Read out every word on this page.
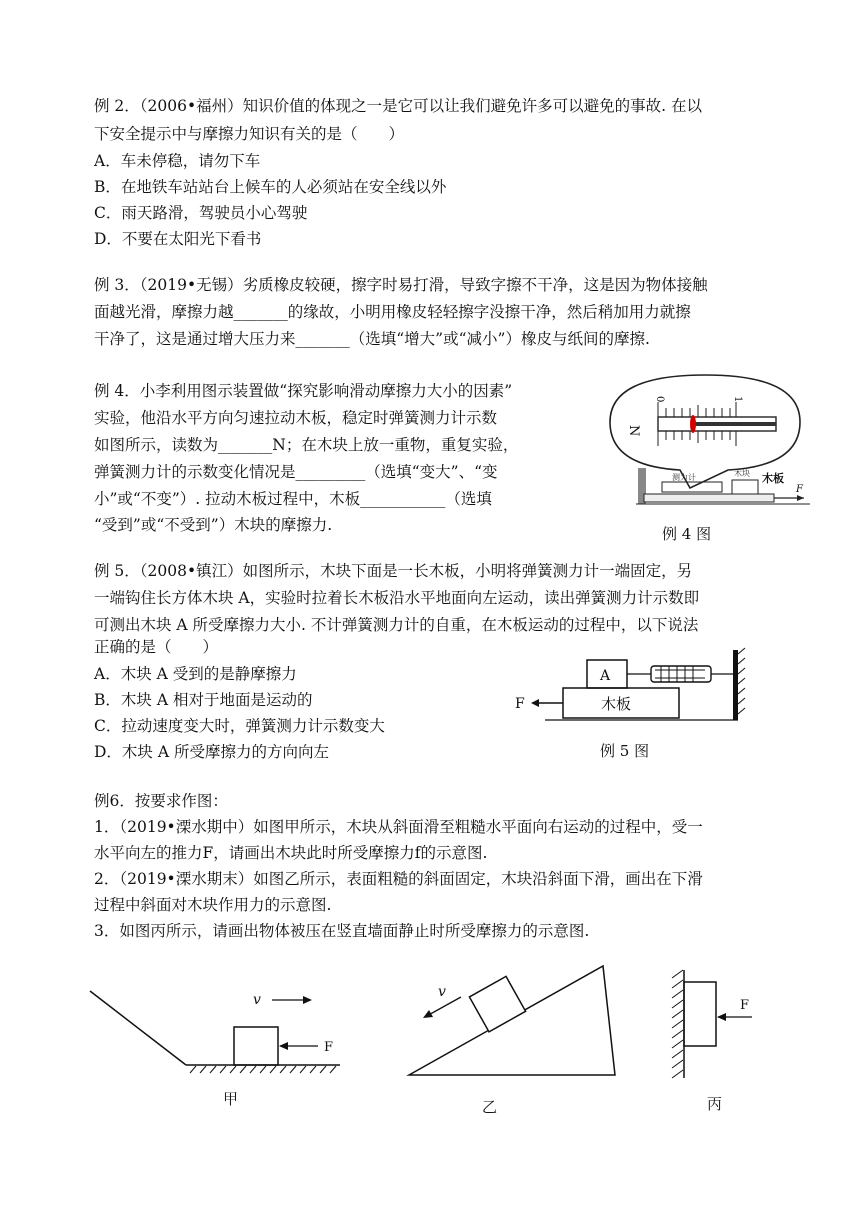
例 2．（2006•福州）知识价值的体现之一是它可以让我们避免许多可以避免的事故. 在以
下安全提示中与摩擦力知识有关的是（　　）
A．车未停稳，请勿下车
B．在地铁车站站台上候车的人必须站在安全线以外
C．雨天路滑，驾驶员小心驾驶
D．不要在太阳光下看书
例 3．（2019•无锡）劣质橡皮较硬，擦字时易打滑，导致字擦不干净，这是因为物体接触
面越光滑，摩擦力越_______的缘故，小明用橡皮轻轻擦字没擦干净，然后稍加用力就擦
干净了，这是通过增大压力来_______（选填“增大”或“减小”）橡皮与纸间的摩擦.
例 4．小李利用图示装置做“探究影响滑动摩擦力大小的因素”
实验，他沿水平方向匀速拉动木板，稳定时弹簧测力计示数
如图所示，读数为_______N；在木块上放一重物，重复实验，
弹簧测力计的示数变化情况是_________（选填“变大”、“变
小”或“不变”）. 拉动木板过程中，木板___________（选填
“受到”或“不受到”）木块的摩擦力.
0	1
N
测力计	木块 木板
F
例 4 图
例 5．（2008•镇江）如图所示，木块下面是一长木板，小明将弹簧测力计一端固定，另
一端钩住长方体木块 A，实验时拉着长木板沿水平地面向左运动，读出弹簧测力计示数即
可测出木块 A 所受摩擦力大小. 不计弹簧测力计的自重，在木板运动的过程中，以下说法
正确的是（　　）
A．木块 A 受到的是静摩擦力
B．木块 A 相对于地面是运动的
C．拉动速度变大时，弹簧测力计示数变大
D．木块 A 所受摩擦力的方向向左
A
木板
F
例 5 图
例6．按要求作图：
1．（2019•溧水期中）如图甲所示，木块从斜面滑至粗糙水平面向右运动的过程中，受一
水平向左的推力F，请画出木块此时所受摩擦力f的示意图.
2．（2019•溧水期末）如图乙所示，表面粗糙的斜面固定，木块沿斜面下滑，画出在下滑
过程中斜面对木块作用力的示意图.
3．如图丙所示，请画出物体被压在竖直墙面静止时所受摩擦力的示意图.
v
F
甲
v
乙
F
丙
